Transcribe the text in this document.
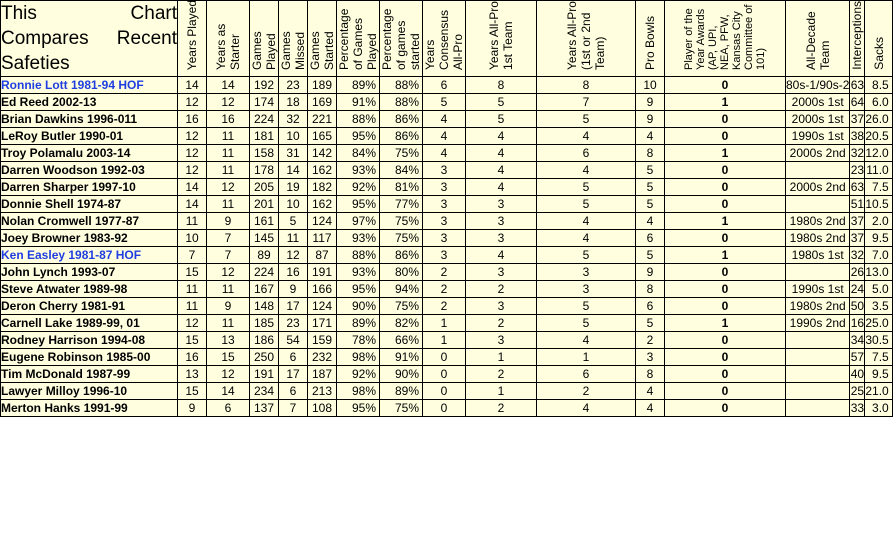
This Chart Compares Recent Safeties	Years Played	Years as Starter	Games Played	Games Missed	Games Started	Percentage of Games Played	Percentage of games started	Years Consensus All-Pro	Years All-Pro 1st Team	Years All-Pro (1st or 2nd Team)	Pro Bowls	Player of the Year Awards (AP, UPI, NEA, PFW, Kansas City Committee of 101)	All-Decade Team	Interceptions	Sacks
Ronnie Lott 1981-94 HOF	14	14	192	23	189	89%	88%	6	8	8	10	0	80s-1/90s-2	63	8.5
Ed Reed 2002-13	12	12	174	18	169	91%	88%	5	5	7	9	1	2000s 1st	64	6.0
Brian Dawkins 1996-011	16	16	224	32	221	88%	86%	4	5	5	9	0	2000s 1st	37	26.0
LeRoy Butler 1990-01	12	11	181	10	165	95%	86%	4	4	4	4	0	1990s 1st	38	20.5
Troy Polamalu 2003-14	12	11	158	31	142	84%	75%	4	4	6	8	1	2000s 2nd	32	12.0
Darren Woodson 1992-03	12	11	178	14	162	93%	84%	3	4	4	5	0		23	11.0
Darren Sharper 1997-10	14	12	205	19	182	92%	81%	3	4	5	5	0	2000s 2nd	63	7.5
Donnie Shell 1974-87	14	11	201	10	162	95%	77%	3	3	5	5	0		51	10.5
Nolan Cromwell 1977-87	11	9	161	5	124	97%	75%	3	3	4	4	1	1980s 2nd	37	2.0
Joey Browner 1983-92	10	7	145	11	117	93%	75%	3	3	4	6	0	1980s 2nd	37	9.5
Ken Easley 1981-87 HOF	7	7	89	12	87	88%	86%	3	4	5	5	1	1980s 1st	32	7.0
John Lynch 1993-07	15	12	224	16	191	93%	80%	2	3	3	9	0		26	13.0
Steve Atwater 1989-98	11	11	167	9	166	95%	94%	2	2	3	8	0	1990s 1st	24	5.0
Deron Cherry 1981-91	11	9	148	17	124	90%	75%	2	3	5	6	0	1980s 2nd	50	3.5
Carnell Lake 1989-99, 01	12	11	185	23	171	89%	82%	1	2	5	5	1	1990s 2nd	16	25.0
Rodney Harrison 1994-08	15	13	186	54	159	78%	66%	1	3	4	2	0		34	30.5
Eugene Robinson 1985-00	16	15	250	6	232	98%	91%	0	1	1	3	0		57	7.5
Tim McDonald 1987-99	13	12	191	17	187	92%	90%	0	2	6	8	0		40	9.5
Lawyer Milloy 1996-10	15	14	234	6	213	98%	89%	0	1	2	4	0		25	21.0
Merton Hanks 1991-99	9	6	137	7	108	95%	75%	0	2	4	4	0		33	3.0
